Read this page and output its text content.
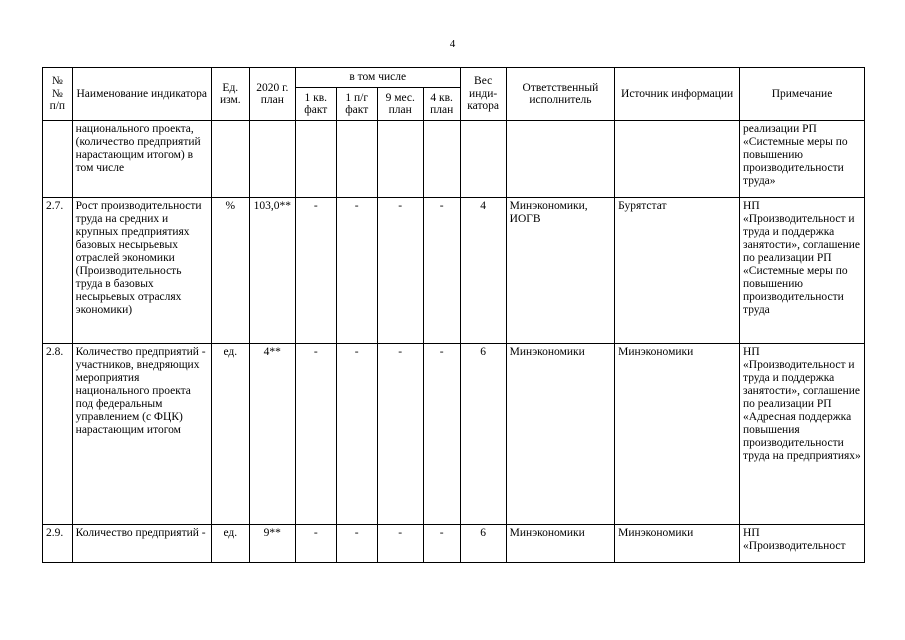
4
№
№
п/п	Наименование индикатора	Ед. изм.	2020 г. план	в том числе				Вес инди-катора	Ответственный исполнитель	Источник информации	Примечание
				1 кв. факт	1 п/г факт	9 мес. план	4 кв. план				
	национального проекта, (количество предприятий нарастающим итогом) в том числе										реализации РП «Системные меры по повышению производительности труда»
2.7.	Рост производительности труда на средних и крупных предприятиях базовых несырьевых отраслей экономики (Производительность труда в базовых несырьевых отраслях экономики)	%	103,0**	-	-	-	-	4	Минэкономики, ИОГВ	Бурятстат	НП «Производительност и труда и поддержка занятости», соглашение по реализации РП «Системные меры по повышению производительности труда
2.8.	Количество предприятий - участников, внедряющих мероприятия национального проекта под федеральным управлением (с ФЦК) нарастающим итогом	ед.	4**	-	-	-	-	6	Минэкономики	Минэкономики	НП «Производительност и труда и поддержка занятости», соглашение по реализации РП «Адресная поддержка повышения производительности труда на предприятиях»
2.9.	Количество предприятий -	ед.	9**	-	-	-	-	6	Минэкономики	Минэкономики	НП «Производительност
